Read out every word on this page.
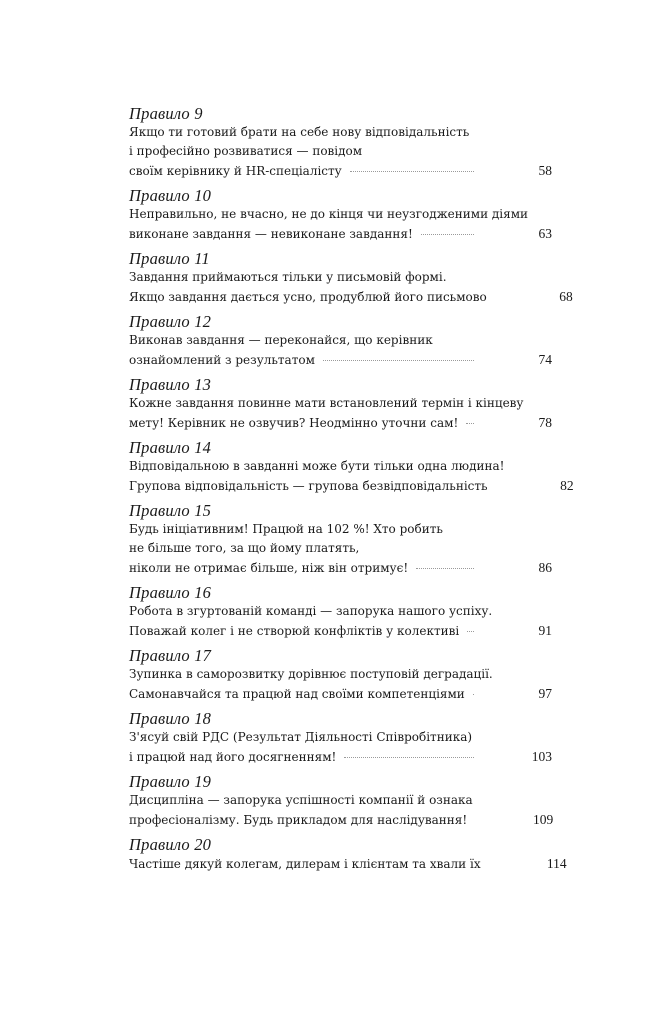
Правило 9
Якщо ти готовий брати на себе нову відповідальність
і професійно розвиватися — повідом
своїм керівнику й HR-спеціалісту	58
Правило 10
Неправильно, не вчасно, не до кінця чи неузгодженими діями
виконане завдання — невиконане завдання!	63
Правило 11
Завдання приймаються тільки у письмовій формі.
Якщо завдання дається усно, продублюй його письмово	68
Правило 12
Виконав завдання — переконайся, що керівник
ознайомлений з результатом	74
Правило 13
Кожне завдання повинне мати встановлений термін і кінцеву
мету! Керівник не озвучив? Неодмінно уточни сам!	78
Правило 14
Відповідальною в завданні може бути тільки одна людина!
Групова відповідальність — групова безвідповідальність	82
Правило 15
Будь ініціативним! Працюй на 102 %! Хто робить
не більше того, за що йому платять,
ніколи не отримає більше, ніж він отримує!	86
Правило 16
Робота в згуртованій команді — запорука нашого успіху.
Поважай колег і не створюй конфліктів у колективі	91
Правило 17
Зупинка в саморозвитку дорівнює поступовій деградації.
Самонавчайся та працюй над своїми компетенціями	97
Правило 18
З'ясуй свій РДС (Результат Діяльності Співробітника)
і працюй над його досягненням!	103
Правило 19
Дисципліна — запорука успішності компанії й ознака
професіоналізму. Будь прикладом для наслідування!	109
Правило 20
Частіше дякуй колегам, дилерам і клієнтам та хвали їх	114
